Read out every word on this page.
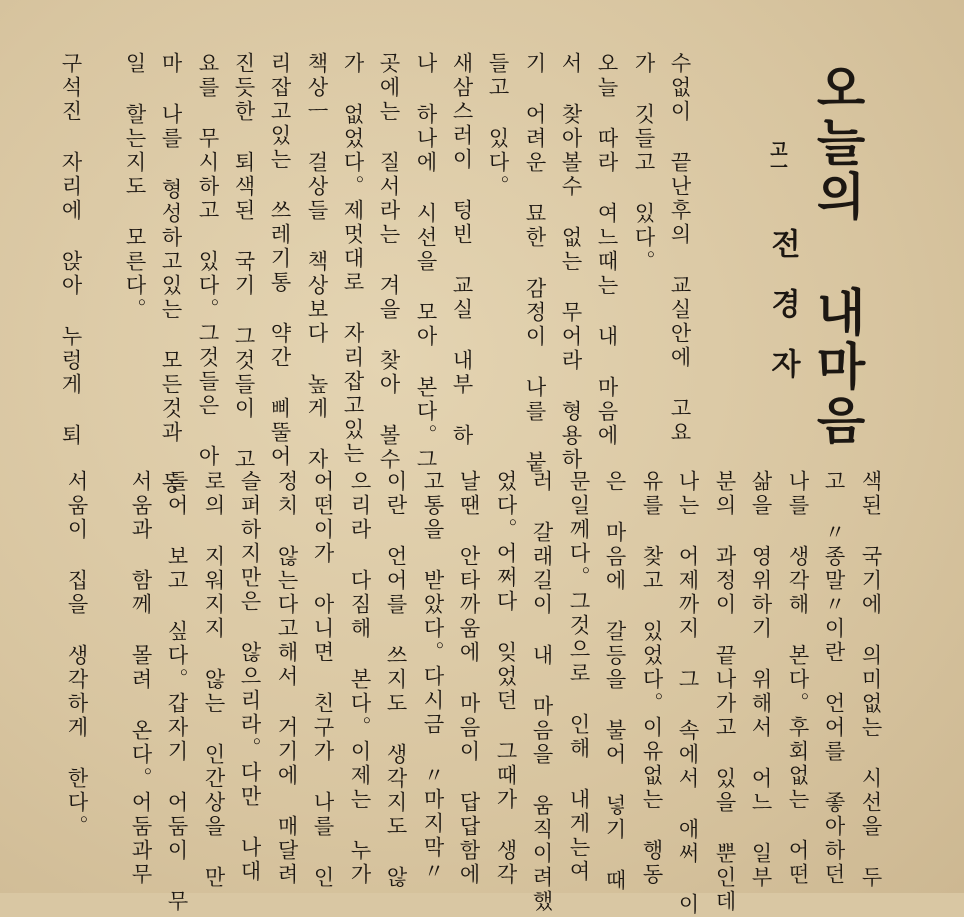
오늘의 내마음
고一
전경자
수없이 끝난후의 교실안에 고요
가 깃들고 있다。
오늘 따라 여느때는 내 마음에
서 찾아볼수 없는 무어라 형용하
기 어려운 묘한 감정이 나를 붙
들고 있다。
새삼스러이 텅빈 교실 내부 하
나 하나에 시선을 모아 본다。그
곳에는 질서라는 겨을 찾아 볼수
가 없었다。제멋대로 자리잡고있는
책상ㅡ 걸상들 책상보다 높게 자
리잡고있는 쓰레기통 약간 삐뚤어
진듯한 퇴색된 국기 그것들이 고
요를 무시하고 있다。그것들은 아
마 나를 형성하고있는 모든것과 동
일 할는지도 모른다。
구석진 자리에 앉아 누렁게 퇴
색된 국기에 의미없는 시선을 두
고 〃종말〃이란 언어를 좋아하던
나를 생각해 본다。후회없는 어떤
삶을 영위하기 위해서 어느 일부
분의 과정이 끝나가고 있을 뿐인데
나는 어제까지 그 속에서 애써 이
유를 찾고 있었다。이유없는 행동
은 마음에 갈등을 불어 넣기 때
문일께다。그것으로 인해 내게는여
러 갈래길이 내 마음을 움직이려했
었다。어쩌다 잊었던 그때가 생각
날땐 안타까움에 마음이 답답함에
고통을 받았다。다시금 〃마지막〃
이란 언어를 쓰지도 생각지도 않
으리라 다짐해 본다。이제는 누가
어떤이가 아니면 친구가 나를 인
정치 않는다고해서 거기에 매달려
슬퍼하지만은 않으리라。다만 나대
로의 지워지지 않는 인간상을 만
들어 보고 싶다。갑자기 어둠이 무
서움과 함께 몰려 온다。어둠과무
서움이 집을 생각하게 한다。
